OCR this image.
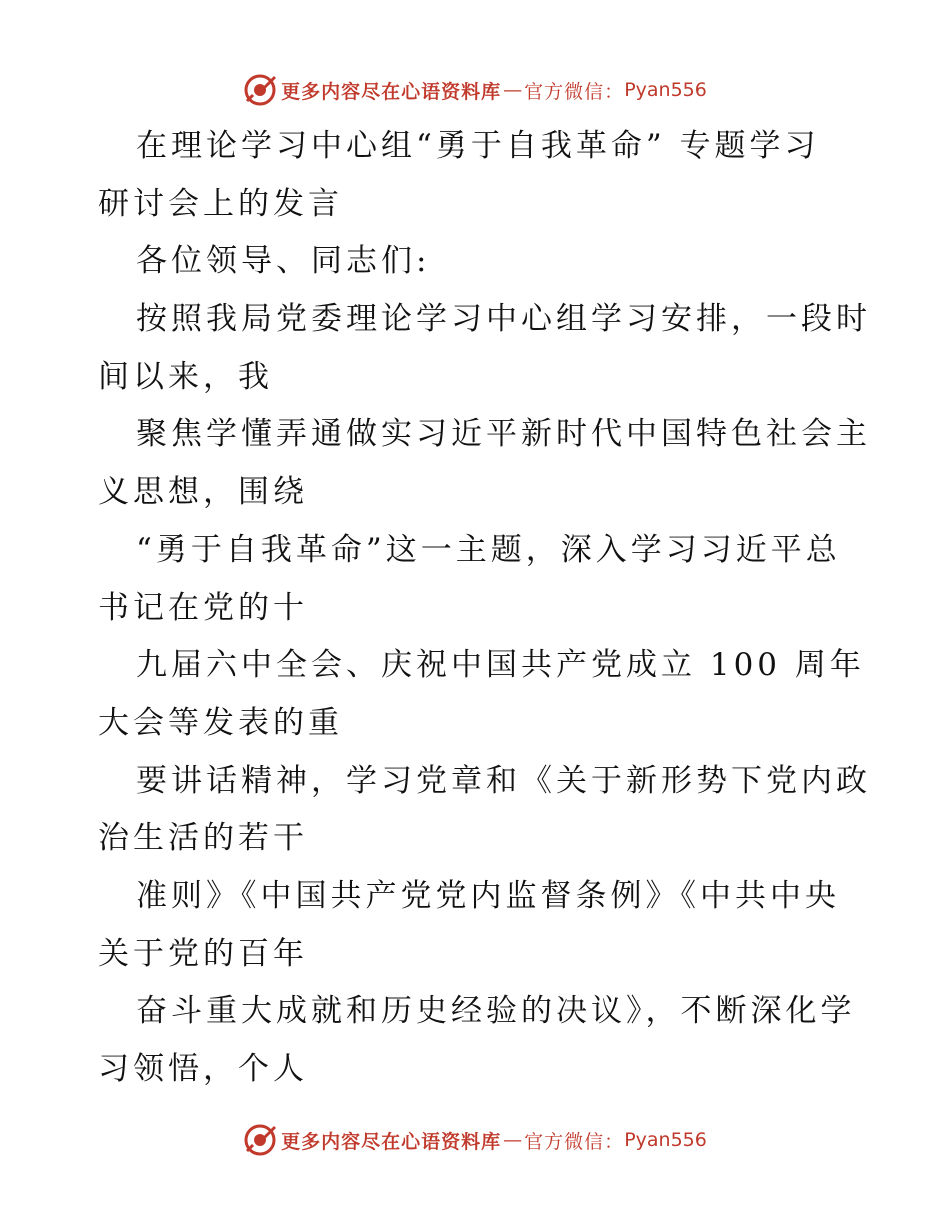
更多内容尽在心语资料库 — 官方微信： Pyan556
在理论学习中心组“勇于自我革命” 专题学习
研讨会上的发言
各位领导、同志们:
按照我局党委理论学习中心组学习安排，一段时
间以来，我
聚焦学懂弄通做实习近平新时代中国特色社会主
义思想，围绕
“勇于自我革命”这一主题，深入学习习近平总
书记在党的十
九届六中全会、庆祝中国共产党成立 100 周年
大会等发表的重
要讲话精神，学习党章和《关于新形势下党内政
治生活的若干
准则》《中国共产党党内监督条例》《中共中央
关于党的百年
奋斗重大成就和历史经验的决议》，不断深化学
习领悟，个人
更多内容尽在心语资料库 — 官方微信： Pyan556
